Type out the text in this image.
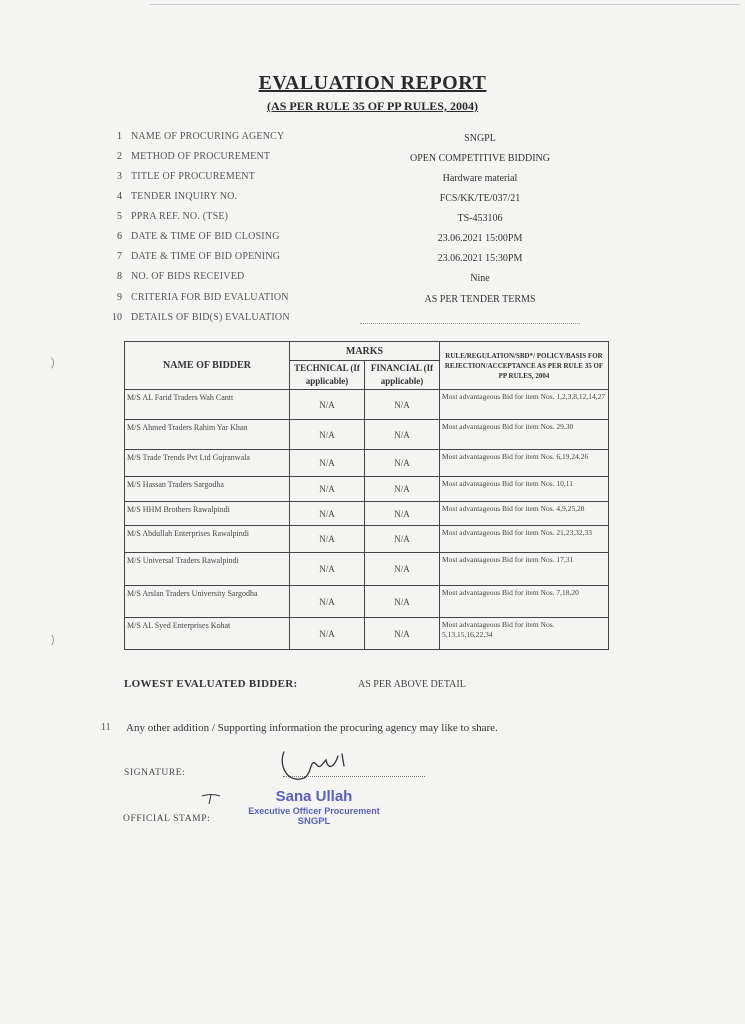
EVALUATION REPORT
(AS PER RULE 35 OF PP RULES, 2004)
1 NAME OF PROCURING AGENCY	SNGPL
2 METHOD OF PROCUREMENT	OPEN COMPETITIVE BIDDING
3 TITLE OF PROCUREMENT	Hardware material
4 TENDER INQUIRY NO.	FCS/KK/TE/037/21
5 PPRA REF. NO. (TSE)	TS-453106
6 DATE & TIME OF BID CLOSING	23.06.2021 15:00PM
7 DATE & TIME OF BID OPENING	23.06.2021 15:30PM
8 NO. OF BIDS RECEIVED	Nine
9 CRITERIA FOR BID EVALUATION	AS PER TENDER TERMS
10 DETAILS OF BID(S) EVALUATION
NAME OF BIDDER	MARKS		RULE/REGULATION/SBD*/ POLICY/BASIS FOR REJECTION/ACCEPTANCE AS PER RULE 35 OF PP RULES, 2004
	TECHNICAL (If applicable)	FINANCIAL (If applicable)	
M/S AL Farid Traders Wah Cantt	N/A	N/A	Most advantageous Bid for item Nos. 1,2,3,8,12,14,27
M/S Ahmed Traders Rahim Yar Khan	N/A	N/A	Most advantageous Bid for item Nos. 29,30
M/S Trade Trends Pvt Ltd Gujranwala	N/A	N/A	Most advantageous Bid for item Nos. 6,19,24,26
M/S Hassan Traders Sargodha	N/A	N/A	Most advantageous Bid for item Nos. 10,11
M/S HHM Brothers Rawalpindi	N/A	N/A	Most advantageous Bid for item Nos. 4,9,25,28
M/S Abdullah Enterprises Rawalpindi	N/A	N/A	Most advantageous Bid for item Nos. 21,23,32,33
M/S Universal Traders Rawalpindi	N/A	N/A	Most advantageous Bid for item Nos. 17,31
M/S Arslan Traders University Sargodha	N/A	N/A	Most advantageous Bid for item Nos. 7,18,20
M/S AL Syed Enterprises Kohat	N/A	N/A	Most advantageous Bid for item Nos. 5,13,15,16,22,34
LOWEST EVALUATED BIDDER:	AS PER ABOVE DETAIL
11 Any other addition / Supporting information the procuring agency may like to share.
SIGNATURE:
OFFICIAL STAMP:
Sana Ullah
Executive Officer Procurement
SNGPL
